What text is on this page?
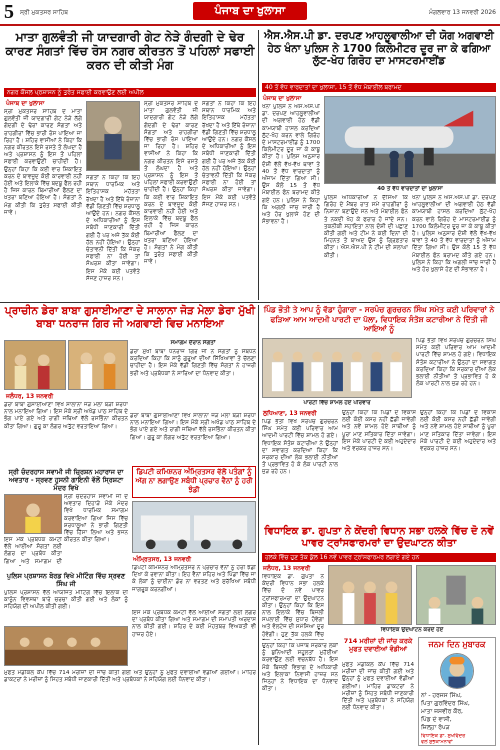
5 ਸ੍ਰੀ ਮੁਕਤਸਰ ਸਾਹਿਬ	ਪੰਜਾਬ ਦਾ ਖੁਲਾਸਾ	ਮੰਗਲਵਾਰ 13 ਜਨਵਰੀ 2026
ਮਾਤਾ ਗੁਲਵੰਤੀ ਜੀ ਯਾਦਗਾਰੀ ਗੇਟ ਨੇੜੇ ਗੰਦਗੀ ਦੇ ਢੇਰ ਕਾਰਣ ਸੰਗਤਾਂ ਵਿੱਚ ਰੋਸ ਨਗਰ ਕੀਰਤਨ ਤੋਂ ਪਹਿਲਾਂ ਸਫਾਈ ਕਰਨ ਦੀ ਕੀਤੀ ਮੰਗ
ਨਗਰ ਕੌਂਸਲ ਪ੍ਰਸ਼ਾਸਨ ਨੂੰ ਤੁਰੰਤ ਸਫਾਈ ਕਰਵਾਉਣ ਲਈ ਅਪੀਲ
ਪੰਜਾਬ ਦਾ ਖੁਲਾਸਾ
ਸ੍ਰੀ ਮੁਕਤਸਰ ਸਾਹਿਬ ਦੇ ਮਾਤਾ ਗੁਲਵੰਤੀ ਜੀ ਯਾਦਗਾਰੀ ਗੇਟ ਨੇੜੇ ਲੱਗੇ ਗੰਦਗੀ ਦੇ ਢੇਰਾਂ ਕਾਰਣ ਸੰਗਤਾਂ ਅਤੇ ਰਾਹਗੀਰਾਂ ਵਿੱਚ ਭਾਰੀ ਰੋਸ ਪਾਇਆ ਜਾ ਰਿਹਾ ਹੈ। ਸ਼ਹਿਰ ਵਾਸੀਆਂ ਨੇ ਕਿਹਾ ਕਿ ਨਗਰ ਕੀਰਤਨ ਇਸੇ ਰਸਤੇ ਤੋਂ ਲੰਘਦਾ ਹੈ ਅਤੇ ਪ੍ਰਸ਼ਾਸਨ ਨੂੰ ਇਸ ਤੋਂ ਪਹਿਲਾਂ ਸਫਾਈ ਕਰਵਾਉਣੀ ਚਾਹੀਦੀ ਹੈ। ਉਨ੍ਹਾਂ ਕਿਹਾ ਕਿ ਕਈ ਵਾਰ ਸ਼ਿਕਾਇਤ ਕਰਨ ਦੇ ਬਾਵਜੂਦ ਕੋਈ ਕਾਰਵਾਈ ਨਹੀਂ ਹੋਈ ਅਤੇ ਇਲਾਕੇ ਵਿੱਚ ਬਦਬੂ ਫੈਲ ਰਹੀ ਹੈ ਜਿਸ ਕਾਰਨ ਬਿਮਾਰੀਆਂ ਫੈਲਣ ਦਾ ਖ਼ਤਰਾ ਬਣਿਆ ਹੋਇਆ ਹੈ। ਸੰਗਤਾਂ ਨੇ ਮੰਗ ਕੀਤੀ ਕਿ ਤੁਰੰਤ ਸਫਾਈ ਕੀਤੀ ਜਾਵੇ।
ਸੰਗਤਾਂ ਨੇ ਕਿਹਾ ਕਿ ਇਹ ਸਥਾਨ ਧਾਰਮਿਕ ਅਤੇ ਇਤਿਹਾਸਕ ਮਹੱਤਤਾ ਰੱਖਦਾ ਹੈ ਅਤੇ ਇੱਥੇ ਰੋਜ਼ਾਨਾ ਵੱਡੀ ਗਿਣਤੀ ਵਿੱਚ ਸ਼ਰਧਾਲੂ ਆਉਂਦੇ ਹਨ। ਨਗਰ ਕੌਂਸਲ ਦੇ ਅਧਿਕਾਰੀਆਂ ਨੂੰ ਇਸ ਸਬੰਧੀ ਜਾਣਕਾਰੀ ਦਿੱਤੀ ਗਈ ਹੈ ਪਰ ਅਜੇ ਤੱਕ ਕੋਈ ਹੱਲ ਨਹੀਂ ਹੋਇਆ। ਉਨ੍ਹਾਂ ਚੇਤਾਵਨੀ ਦਿੱਤੀ ਕਿ ਜੇਕਰ ਸਫਾਈ ਨਾ ਹੋਈ ਤਾਂ ਸੰਘਰਸ਼ ਕੀਤਾ ਜਾਵੇਗਾ। ਇਸ ਮੌਕੇ ਕਈ ਪਤਵੰਤੇ ਸੱਜਣ ਹਾਜ਼ਰ ਸਨ।
ਸ੍ਰੀ ਮੁਕਤਸਰ ਸਾਹਿਬ ਦੇ ਮਾਤਾ ਗੁਲਵੰਤੀ ਜੀ ਯਾਦਗਾਰੀ ਗੇਟ ਨੇੜੇ ਲੱਗੇ ਗੰਦਗੀ ਦੇ ਢੇਰਾਂ ਕਾਰਣ ਸੰਗਤਾਂ ਅਤੇ ਰਾਹਗੀਰਾਂ ਵਿੱਚ ਭਾਰੀ ਰੋਸ ਪਾਇਆ ਜਾ ਰਿਹਾ ਹੈ। ਸ਼ਹਿਰ ਵਾਸੀਆਂ ਨੇ ਕਿਹਾ ਕਿ ਨਗਰ ਕੀਰਤਨ ਇਸੇ ਰਸਤੇ ਤੋਂ ਲੰਘਦਾ ਹੈ ਅਤੇ ਪ੍ਰਸ਼ਾਸਨ ਨੂੰ ਇਸ ਤੋਂ ਪਹਿਲਾਂ ਸਫਾਈ ਕਰਵਾਉਣੀ ਚਾਹੀਦੀ ਹੈ। ਉਨ੍ਹਾਂ ਕਿਹਾ ਕਿ ਕਈ ਵਾਰ ਸ਼ਿਕਾਇਤ ਕਰਨ ਦੇ ਬਾਵਜੂਦ ਕੋਈ ਕਾਰਵਾਈ ਨਹੀਂ ਹੋਈ ਅਤੇ ਇਲਾਕੇ ਵਿੱਚ ਬਦਬੂ ਫੈਲ ਰਹੀ ਹੈ ਜਿਸ ਕਾਰਨ ਬਿਮਾਰੀਆਂ ਫੈਲਣ ਦਾ ਖ਼ਤਰਾ ਬਣਿਆ ਹੋਇਆ ਹੈ। ਸੰਗਤਾਂ ਨੇ ਮੰਗ ਕੀਤੀ ਕਿ ਤੁਰੰਤ ਸਫਾਈ ਕੀਤੀ ਜਾਵੇ।
ਸੰਗਤਾਂ ਨੇ ਕਿਹਾ ਕਿ ਇਹ ਸਥਾਨ ਧਾਰਮਿਕ ਅਤੇ ਇਤਿਹਾਸਕ ਮਹੱਤਤਾ ਰੱਖਦਾ ਹੈ ਅਤੇ ਇੱਥੇ ਰੋਜ਼ਾਨਾ ਵੱਡੀ ਗਿਣਤੀ ਵਿੱਚ ਸ਼ਰਧਾਲੂ ਆਉਂਦੇ ਹਨ। ਨਗਰ ਕੌਂਸਲ ਦੇ ਅਧਿਕਾਰੀਆਂ ਨੂੰ ਇਸ ਸਬੰਧੀ ਜਾਣਕਾਰੀ ਦਿੱਤੀ ਗਈ ਹੈ ਪਰ ਅਜੇ ਤੱਕ ਕੋਈ ਹੱਲ ਨਹੀਂ ਹੋਇਆ। ਉਨ੍ਹਾਂ ਚੇਤਾਵਨੀ ਦਿੱਤੀ ਕਿ ਜੇਕਰ ਸਫਾਈ ਨਾ ਹੋਈ ਤਾਂ ਸੰਘਰਸ਼ ਕੀਤਾ ਜਾਵੇਗਾ। ਇਸ ਮੌਕੇ ਕਈ ਪਤਵੰਤੇ ਸੱਜਣ ਹਾਜ਼ਰ ਸਨ।
ਐਸ.ਐਸ.ਪੀ ਡਾ. ਦਰਪਣ ਆਹਲੂਵਾਲੀਆ ਦੀ ਯੋਗ ਅਗਵਾਈ ਹੇਠ ਖੰਨਾ ਪੁਲਿਸ ਨੇ 1700 ਕਿਲੋਮੀਟਰ ਦੂਰ ਜਾ ਕੇ ਫਗਿਆ ਲੁੱਟ-ਖੋਹ ਗਿਰੋਹ ਦਾ ਮਾਸਟਰਮਾਈਂਡ
40 ਤੋਂ ਵੱਧ ਵਾਰਦਾਤਾਂ ਦਾ ਖੁਲਾਸਾ, 15 ਤੋਂ ਵੱਧ ਮੋਬਾਈਲ ਬਰਾਮਦ
ਪੰਜਾਬ ਦਾ ਖੁਲਾਸਾ
ਖੰਨਾ ਪੁਲਿਸ ਨੇ ਐਸ.ਐਸ.ਪੀ ਡਾ. ਦਰਪਣ ਆਹਲੂਵਾਲੀਆ ਦੀ ਅਗਵਾਈ ਹੇਠ ਵੱਡੀ ਕਾਮਯਾਬੀ ਹਾਸਲ ਕਰਦਿਆਂ ਲੁੱਟ-ਖੋਹ ਕਰਨ ਵਾਲੇ ਗਿਰੋਹ ਦੇ ਮਾਸਟਰਮਾਈਂਡ ਨੂੰ 1700 ਕਿਲੋਮੀਟਰ ਦੂਰ ਜਾ ਕੇ ਕਾਬੂ ਕੀਤਾ ਹੈ। ਪੁਲਿਸ ਅਨੁਸਾਰ ਦੋਸ਼ੀ ਵੱਲੋਂ ਵੱਖ-ਵੱਖ ਥਾਵਾਂ ਤੇ 40 ਤੋਂ ਵੱਧ ਵਾਰਦਾਤਾਂ ਨੂੰ ਅੰਜਾਮ ਦਿੱਤਾ ਗਿਆ ਸੀ। ਉਸ ਕੋਲੋਂ 15 ਤੋਂ ਵੱਧ ਮੋਬਾਈਲ ਫੋਨ ਬਰਾਮਦ ਕੀਤੇ ਗਏ ਹਨ। ਪੁਲਿਸ ਨੇ ਕਿਹਾ ਕਿ ਅਗਲੀ ਜਾਂਚ ਜਾਰੀ ਹੈ ਅਤੇ ਹੋਰ ਖੁਲਾਸੇ ਹੋਣ ਦੀ ਸੰਭਾਵਨਾ ਹੈ।
40 ਤੋਂ ਵੱਧ ਵਾਰਦਾਤਾਂ ਦਾ ਖੁਲਾਸਾ
ਪੁਲਿਸ ਅਧਿਕਾਰੀਆਂ ਨੇ ਦੱਸਿਆ ਕਿ ਗਿਰੋਹ ਦੇ ਮੈਂਬਰ ਰਾਤ ਸਮੇਂ ਰਾਹਗੀਰਾਂ ਨੂੰ ਨਿਸ਼ਾਨਾ ਬਣਾਉਂਦੇ ਸਨ ਅਤੇ ਮੋਬਾਈਲ ਫੋਨ ਤੇ ਨਕਦੀ ਖੋਹ ਕੇ ਫਰਾਰ ਹੋ ਜਾਂਦੇ ਸਨ। ਤਕਨੀਕੀ ਸਹਾਇਤਾ ਨਾਲ ਦੋਸ਼ੀ ਦੀ ਪਛਾਣ ਕੀਤੀ ਗਈ ਅਤੇ ਟੀਮ ਨੇ ਕਈ ਦਿਨਾਂ ਦੀ ਮਿਹਨਤ ਤੋਂ ਬਾਅਦ ਉਸ ਨੂੰ ਗ੍ਰਿਫ਼ਤਾਰ ਕੀਤਾ। ਐਸ.ਐਸ.ਪੀ ਨੇ ਟੀਮ ਦੀ ਸ਼ਲਾਘਾ ਕੀਤੀ।
ਖੰਨਾ ਪੁਲਿਸ ਨੇ ਐਸ.ਐਸ.ਪੀ ਡਾ. ਦਰਪਣ ਆਹਲੂਵਾਲੀਆ ਦੀ ਅਗਵਾਈ ਹੇਠ ਵੱਡੀ ਕਾਮਯਾਬੀ ਹਾਸਲ ਕਰਦਿਆਂ ਲੁੱਟ-ਖੋਹ ਕਰਨ ਵਾਲੇ ਗਿਰੋਹ ਦੇ ਮਾਸਟਰਮਾਈਂਡ ਨੂੰ 1700 ਕਿਲੋਮੀਟਰ ਦੂਰ ਜਾ ਕੇ ਕਾਬੂ ਕੀਤਾ ਹੈ। ਪੁਲਿਸ ਅਨੁਸਾਰ ਦੋਸ਼ੀ ਵੱਲੋਂ ਵੱਖ-ਵੱਖ ਥਾਵਾਂ ਤੇ 40 ਤੋਂ ਵੱਧ ਵਾਰਦਾਤਾਂ ਨੂੰ ਅੰਜਾਮ ਦਿੱਤਾ ਗਿਆ ਸੀ। ਉਸ ਕੋਲੋਂ 15 ਤੋਂ ਵੱਧ ਮੋਬਾਈਲ ਫੋਨ ਬਰਾਮਦ ਕੀਤੇ ਗਏ ਹਨ। ਪੁਲਿਸ ਨੇ ਕਿਹਾ ਕਿ ਅਗਲੀ ਜਾਂਚ ਜਾਰੀ ਹੈ ਅਤੇ ਹੋਰ ਖੁਲਾਸੇ ਹੋਣ ਦੀ ਸੰਭਾਵਨਾ ਹੈ।
ਪ੍ਰਾਚੀਨ ਡੇਰਾ ਬਾਬਾ ਗੁਸਾਈਆਣਾ ਦੇ ਸਾਲਾਨਾ ਜੋੜ ਮੇਲਾ ਡੇਰਾ ਮੁੱਖੀ ਬਾਬਾ ਧਨਰਾਜ ਗਿਰ ਜੀ ਅਗਵਾਈ ਵਿਚ ਮਨਾਇਆ
ਜਲੰਧਰ, 13 ਜਨਵਰੀ
ਡੇਰਾ ਬਾਬਾ ਗੁਸਾਈਆਣਾ ਵਿਖੇ ਸਾਲਾਨਾ ਜੋੜ ਮੇਲਾ ਬੜੀ ਸ਼ਰਧਾ ਨਾਲ ਮਨਾਇਆ ਗਿਆ। ਇਸ ਮੌਕੇ ਸ੍ਰੀ ਅਖੰਡ ਪਾਠ ਸਾਹਿਬ ਦੇ ਭੋਗ ਪਾਏ ਗਏ ਅਤੇ ਰਾਗੀ ਜਥਿਆਂ ਵੱਲੋਂ ਰਸਭਿੰਨਾ ਕੀਰਤਨ ਕੀਤਾ ਗਿਆ। ਗੁਰੂ ਕਾ ਲੰਗਰ ਅਤੁੱਟ ਵਰਤਾਇਆ ਗਿਆ।
ਸਮਾਗਮ ਦੌਰਾਨ ਸੰਗਤਾਂ
ਡੇਰਾ ਮੁੱਖੀ ਬਾਬਾ ਧਨਰਾਜ ਗਿਰ ਜੀ ਨੇ ਸੰਗਤਾਂ ਨੂੰ ਸੰਬੋਧਨ ਕਰਦਿਆਂ ਕਿਹਾ ਕਿ ਸਾਨੂੰ ਗੁਰੂਆਂ ਦੀਆਂ ਸਿੱਖਿਆਵਾਂ ਤੇ ਚੱਲਣਾ ਚਾਹੀਦਾ ਹੈ। ਇਸ ਮੌਕੇ ਵੱਡੀ ਗਿਣਤੀ ਵਿੱਚ ਸੰਗਤਾਂ ਨੇ ਹਾਜ਼ਰੀ ਭਰੀ ਅਤੇ ਪ੍ਰਬੰਧਕਾਂ ਨੇ ਸਾਰਿਆਂ ਦਾ ਧੰਨਵਾਦ ਕੀਤਾ।
ਡੇਰਾ ਬਾਬਾ ਗੁਸਾਈਆਣਾ ਵਿਖੇ ਸਾਲਾਨਾ ਜੋੜ ਮੇਲਾ ਬੜੀ ਸ਼ਰਧਾ ਨਾਲ ਮਨਾਇਆ ਗਿਆ। ਇਸ ਮੌਕੇ ਸ੍ਰੀ ਅਖੰਡ ਪਾਠ ਸਾਹਿਬ ਦੇ ਭੋਗ ਪਾਏ ਗਏ ਅਤੇ ਰਾਗੀ ਜਥਿਆਂ ਵੱਲੋਂ ਰਸਭਿੰਨਾ ਕੀਰਤਨ ਕੀਤਾ ਗਿਆ। ਗੁਰੂ ਕਾ ਲੰਗਰ ਅਤੁੱਟ ਵਰਤਾਇਆ ਗਿਆ।
ਸ੍ਰੀ ਚੰਦਰਹਾਸ ਸਵਾਮੀ ਜੀ ਚ੍ਰਿਸ਼ਨ ਮਹਾਰਾਜ ਦਾ ਅਵਤਾਰ - ਸ੍ਰਵਣ ਹੁਸਨੀ ਗਾਇਨੀ ਵੱਲੋਂ ਸ੍ਰਿਸ਼ਟਾ ਮੰਦਰ ਵਿਖੇ
ਸ੍ਰੀ ਚੰਦਰਹਾਸ ਸਵਾਮੀ ਜੀ ਦੇ ਅਵਤਾਰ ਦਿਹਾੜੇ ਮੌਕੇ ਮੰਦਰ ਵਿਖੇ ਧਾਰਮਿਕ ਸਮਾਗਮ ਕਰਵਾਇਆ ਗਿਆ ਜਿਸ ਵਿੱਚ ਸ਼ਰਧਾਲੂਆਂ ਨੇ ਭਾਰੀ ਗਿਣਤੀ ਵਿੱਚ ਹਿੱਸਾ ਲਿਆ ਅਤੇ ਭਜਨ ਕੀਰਤਨ ਕੀਤਾ ਗਿਆ।
ਇਸ ਮੌਕੇ ਪ੍ਰਬੰਧਕ ਕਮੇਟੀ ਵੱਲੋਂ ਆਈਆਂ ਸੰਗਤਾਂ ਲਈ ਲੰਗਰ ਦਾ ਪ੍ਰਬੰਧ ਕੀਤਾ ਗਿਆ ਅਤੇ ਸਮਾਗਮ ਦੀ
ਡਿਪਟੀ ਕਮਿਸ਼ਨਰ ਅੰਮ੍ਰਿਤਸਰ ਵੱਲੋਂ ਪਤੰਗਾਂ ਨੂੰ ਅੱਗ ਨਾ ਲਗਾਉਣ ਸਬੰਧੀ ਪ੍ਰਚਾਰ ਵੈਨਾਂ ਨੂੰ ਹਰੀ ਝੰਡੀ
ਅੰਮ੍ਰਿਤਸਰ, 13 ਜਨਵਰੀ
ਡਿਪਟੀ ਕਮਿਸ਼ਨਰ ਅੰਮ੍ਰਿਤਸਰ ਨੇ ਪ੍ਰਚਾਰ ਵੈਨਾਂ ਨੂੰ ਹਰੀ ਝੰਡੀ ਦਿਖਾ ਕੇ ਰਵਾਨਾ ਕੀਤਾ। ਇਹ ਵੈਨਾਂ ਸ਼ਹਿਰ ਅਤੇ ਪਿੰਡਾਂ ਵਿੱਚ ਜਾ ਕੇ ਲੋਕਾਂ ਨੂੰ ਚਾਈਨਾ ਡੋਰ ਨਾ ਵਰਤਣ ਅਤੇ ਸੁਰੱਖਿਆ ਸਬੰਧੀ ਜਾਗਰੂਕ ਕਰਨਗੀਆਂ।
ਪੁਲਿਸ ਪ੍ਰਸ਼ਾਸਨ ਬੋਰਡ ਵਿਖੇ ਮੀਟਿੰਗ ਵਿੱਚ ਸ੍ਰਵਣ ਸਿੰਘ ਜੀ
ਪੁਲਿਸ ਪ੍ਰਸ਼ਾਸਨ ਵੱਲੋਂ ਆਯੋਜਿਤ ਮੀਟਿੰਗ ਵਿੱਚ ਇਲਾਕੇ ਦੀ ਕਾਨੂੰਨ ਵਿਵਸਥਾ ਬਾਰੇ ਚਰਚਾ ਕੀਤੀ ਗਈ ਅਤੇ ਲੋਕਾਂ ਨੂੰ ਸਹਿਯੋਗ ਦੀ ਅਪੀਲ ਕੀਤੀ ਗਈ।
ਮੁਫਤ ਮੈਡੀਕਲ ਕੈਂਪ ਵਿੱਚ 714 ਮਰੀਜ਼ਾਂ ਦੀ ਜਾਂਚ ਕੀਤੀ ਗਈ ਅਤੇ ਉਨ੍ਹਾਂ ਨੂੰ ਮੁਫਤ ਦਵਾਈਆਂ ਵੰਡੀਆਂ ਗਈਆਂ। ਮਾਹਿਰ ਡਾਕਟਰਾਂ ਨੇ ਮਰੀਜ਼ਾਂ ਨੂੰ ਸਿਹਤ ਸਬੰਧੀ ਜਾਣਕਾਰੀ ਦਿੱਤੀ ਅਤੇ ਪ੍ਰਬੰਧਕਾਂ ਨੇ ਸਹਿਯੋਗ ਲਈ ਧੰਨਵਾਦ ਕੀਤਾ।
ਇਸ ਮੌਕੇ ਪ੍ਰਬੰਧਕ ਕਮੇਟੀ ਵੱਲੋਂ ਆਈਆਂ ਸੰਗਤਾਂ ਲਈ ਲੰਗਰ ਦਾ ਪ੍ਰਬੰਧ ਕੀਤਾ ਗਿਆ ਅਤੇ ਸਮਾਗਮ ਦੀ ਸਮਾਪਤੀ ਅਰਦਾਸ ਨਾਲ ਕੀਤੀ ਗਈ। ਸ਼ਹਿਰ ਦੇ ਕਈ ਮੋਹਤਬਰ ਵਿਅਕਤੀ ਵੀ ਹਾਜ਼ਰ ਹੋਏ।
ਪਿੰਡ ਭੌਤੀ ਤੇ ਆਪ ਨੂੰ ਵੱਡਾ ਹੁੰਗਾਰਾ - ਸਰਪੰਚ ਗੁਰਚਰਨ ਸਿੰਘ ਸਮੇਤ ਕਈ ਪਰਿਵਾਰਾਂ ਨੇ ਫੜਿਆ ਆਮ ਆਦਮੀ ਪਾਰਟੀ ਦਾ ਪੱਲਾ, ਵਿਧਾਇਕ ਸੰਤੋਸ਼ ਕਟਾਰੀਆ ਨੇ ਦਿੱਤੀ ਜੀ ਆਇਆਂ ਨੂੰ
ਪਾਰਟੀ ਵਿੱਚ ਸ਼ਾਮਲ ਹੋਏ ਪਰਿਵਾਰ
ਪਿੰਡ ਭੌਤੀ ਵਿਖੇ ਸਰਪੰਚ ਗੁਰਚਰਨ ਸਿੰਘ ਸਮੇਤ ਕਈ ਪਰਿਵਾਰ ਆਮ ਆਦਮੀ ਪਾਰਟੀ ਵਿੱਚ ਸ਼ਾਮਲ ਹੋ ਗਏ। ਵਿਧਾਇਕ ਸੰਤੋਸ਼ ਕਟਾਰੀਆ ਨੇ ਉਨ੍ਹਾਂ ਦਾ ਸਵਾਗਤ ਕਰਦਿਆਂ ਕਿਹਾ ਕਿ ਸਰਕਾਰ ਦੀਆਂ ਲੋਕ ਭਲਾਈ ਨੀਤੀਆਂ ਤੋਂ ਪ੍ਰਭਾਵਿਤ ਹੋ ਕੇ ਲੋਕ ਪਾਰਟੀ ਨਾਲ ਜੁੜ ਰਹੇ ਹਨ।
ਲੁਧਿਆਣਾ, 13 ਜਨਵਰੀ
ਪਿੰਡ ਭੌਤੀ ਵਿਖੇ ਸਰਪੰਚ ਗੁਰਚਰਨ ਸਿੰਘ ਸਮੇਤ ਕਈ ਪਰਿਵਾਰ ਆਮ ਆਦਮੀ ਪਾਰਟੀ ਵਿੱਚ ਸ਼ਾਮਲ ਹੋ ਗਏ। ਵਿਧਾਇਕ ਸੰਤੋਸ਼ ਕਟਾਰੀਆ ਨੇ ਉਨ੍ਹਾਂ ਦਾ ਸਵਾਗਤ ਕਰਦਿਆਂ ਕਿਹਾ ਕਿ ਸਰਕਾਰ ਦੀਆਂ ਲੋਕ ਭਲਾਈ ਨੀਤੀਆਂ ਤੋਂ ਪ੍ਰਭਾਵਿਤ ਹੋ ਕੇ ਲੋਕ ਪਾਰਟੀ ਨਾਲ ਜੁੜ ਰਹੇ ਹਨ।
ਉਨ੍ਹਾਂ ਕਿਹਾ ਕਿ ਪਿੰਡਾਂ ਦੇ ਵਿਕਾਸ ਲਈ ਕੋਈ ਕਸਰ ਨਹੀਂ ਛੱਡੀ ਜਾਵੇਗੀ ਅਤੇ ਨਵੇਂ ਸ਼ਾਮਲ ਹੋਏ ਸਾਥੀਆਂ ਨੂੰ ਪੂਰਾ ਮਾਣ ਸਤਿਕਾਰ ਦਿੱਤਾ ਜਾਵੇਗਾ। ਇਸ ਮੌਕੇ ਪਾਰਟੀ ਦੇ ਕਈ ਅਹੁਦੇਦਾਰ ਅਤੇ ਵਰਕਰ ਹਾਜ਼ਰ ਸਨ।
ਉਨ੍ਹਾਂ ਕਿਹਾ ਕਿ ਪਿੰਡਾਂ ਦੇ ਵਿਕਾਸ ਲਈ ਕੋਈ ਕਸਰ ਨਹੀਂ ਛੱਡੀ ਜਾਵੇਗੀ ਅਤੇ ਨਵੇਂ ਸ਼ਾਮਲ ਹੋਏ ਸਾਥੀਆਂ ਨੂੰ ਪੂਰਾ ਮਾਣ ਸਤਿਕਾਰ ਦਿੱਤਾ ਜਾਵੇਗਾ। ਇਸ ਮੌਕੇ ਪਾਰਟੀ ਦੇ ਕਈ ਅਹੁਦੇਦਾਰ ਅਤੇ ਵਰਕਰ ਹਾਜ਼ਰ ਸਨ।
ਵਿਧਾਇਕ ਡਾ. ਗੁਪਤਾ ਨੇ ਕੇਂਦਰੀ ਵਿਧਾਨ ਸਭਾ ਹਲਕੇ ਵਿੱਚ ਦੋ ਨਵੇਂ ਪਾਵਰ ਟ੍ਰਾਂਸਫਾਰਮਰਾਂ ਦਾ ਉਦਘਾਟਨ ਕੀਤਾ
ਹਲਕੇ ਵਿੱਚ ਹੁਣ ਤੱਕ ਕੁੱਲ 16 ਨਵੇਂ ਪਾਵਰ ਟ੍ਰਾਂਸਫਾਰਮਰ ਲਗਾਏ ਗਏ ਹਨ
ਜਲੰਧਰ, 13 ਜਨਵਰੀ
ਵਿਧਾਇਕ ਡਾ. ਗੁਪਤਾ ਨੇ ਕੇਂਦਰੀ ਵਿਧਾਨ ਸਭਾ ਹਲਕੇ ਵਿੱਚ ਦੋ ਨਵੇਂ ਪਾਵਰ ਟ੍ਰਾਂਸਫਾਰਮਰਾਂ ਦਾ ਉਦਘਾਟਨ ਕੀਤਾ। ਉਨ੍ਹਾਂ ਕਿਹਾ ਕਿ ਇਸ ਨਾਲ ਇਲਾਕੇ ਵਿੱਚ ਬਿਜਲੀ ਸਪਲਾਈ ਵਿੱਚ ਸੁਧਾਰ ਹੋਵੇਗਾ ਅਤੇ ਵੋਲਟੇਜ ਦੀ ਸਮੱਸਿਆ ਦੂਰ ਹੋਵੇਗੀ। ਹੁਣ ਤੱਕ ਹਲਕੇ ਵਿੱਚ
ਵਿਧਾਇਕ ਉਦਘਾਟਨ ਕਰਦੇ ਹੋਏ
ਉਨ੍ਹਾਂ ਕਿਹਾ ਕਿ ਪੰਜਾਬ ਸਰਕਾਰ ਲੋਕਾਂ ਨੂੰ ਬੁਨਿਆਦੀ ਸਹੂਲਤਾਂ ਮੁਹੱਈਆ ਕਰਵਾਉਣ ਲਈ ਵਚਨਬੱਧ ਹੈ। ਇਸ ਮੌਕੇ ਬਿਜਲੀ ਵਿਭਾਗ ਦੇ ਅਧਿਕਾਰੀ ਅਤੇ ਇਲਾਕਾ ਨਿਵਾਸੀ ਹਾਜ਼ਰ ਸਨ ਜਿਨ੍ਹਾਂ ਨੇ ਵਿਧਾਇਕ ਦਾ ਧੰਨਵਾਦ ਕੀਤਾ।
714 ਮਰੀਜ਼ਾਂ ਦੀ ਜਾਂਚ ਕਰਕੇ ਮੁਫਤ ਦਵਾਈਆਂ ਵੰਡੀਆਂ
ਮੁਫਤ ਮੈਡੀਕਲ ਕੈਂਪ ਵਿੱਚ 714 ਮਰੀਜ਼ਾਂ ਦੀ ਜਾਂਚ ਕੀਤੀ ਗਈ ਅਤੇ ਉਨ੍ਹਾਂ ਨੂੰ ਮੁਫਤ ਦਵਾਈਆਂ ਵੰਡੀਆਂ ਗਈਆਂ। ਮਾਹਿਰ ਡਾਕਟਰਾਂ ਨੇ ਮਰੀਜ਼ਾਂ ਨੂੰ ਸਿਹਤ ਸਬੰਧੀ ਜਾਣਕਾਰੀ ਦਿੱਤੀ ਅਤੇ ਪ੍ਰਬੰਧਕਾਂ ਨੇ ਸਹਿਯੋਗ ਲਈ ਧੰਨਵਾਦ ਕੀਤਾ।
ਜਨਮ ਦਿਨ ਮੁਬਾਰਕ
ਨਾਂ - ਹਰਜਸ ਸਿੰਘ,
ਪਿਤਾ ਗੁਰਵਿੰਦਰ ਸਿੰਘ,
ਮਾਤਾ ਜਸਵੀਰ ਕੌਰ,
ਪਿੰਡ ਦੇ ਵਾਸੀ,
ਜ਼ਿਲ੍ਹਾ ਰੋਪੜ
ਵਿਧਾਇਕ ਡਾ. ਸੁਖਵਿੰਦਰ
ਵਲੋਂ ਸ਼ੁਭਕਾਮਨਾਵਾਂ
